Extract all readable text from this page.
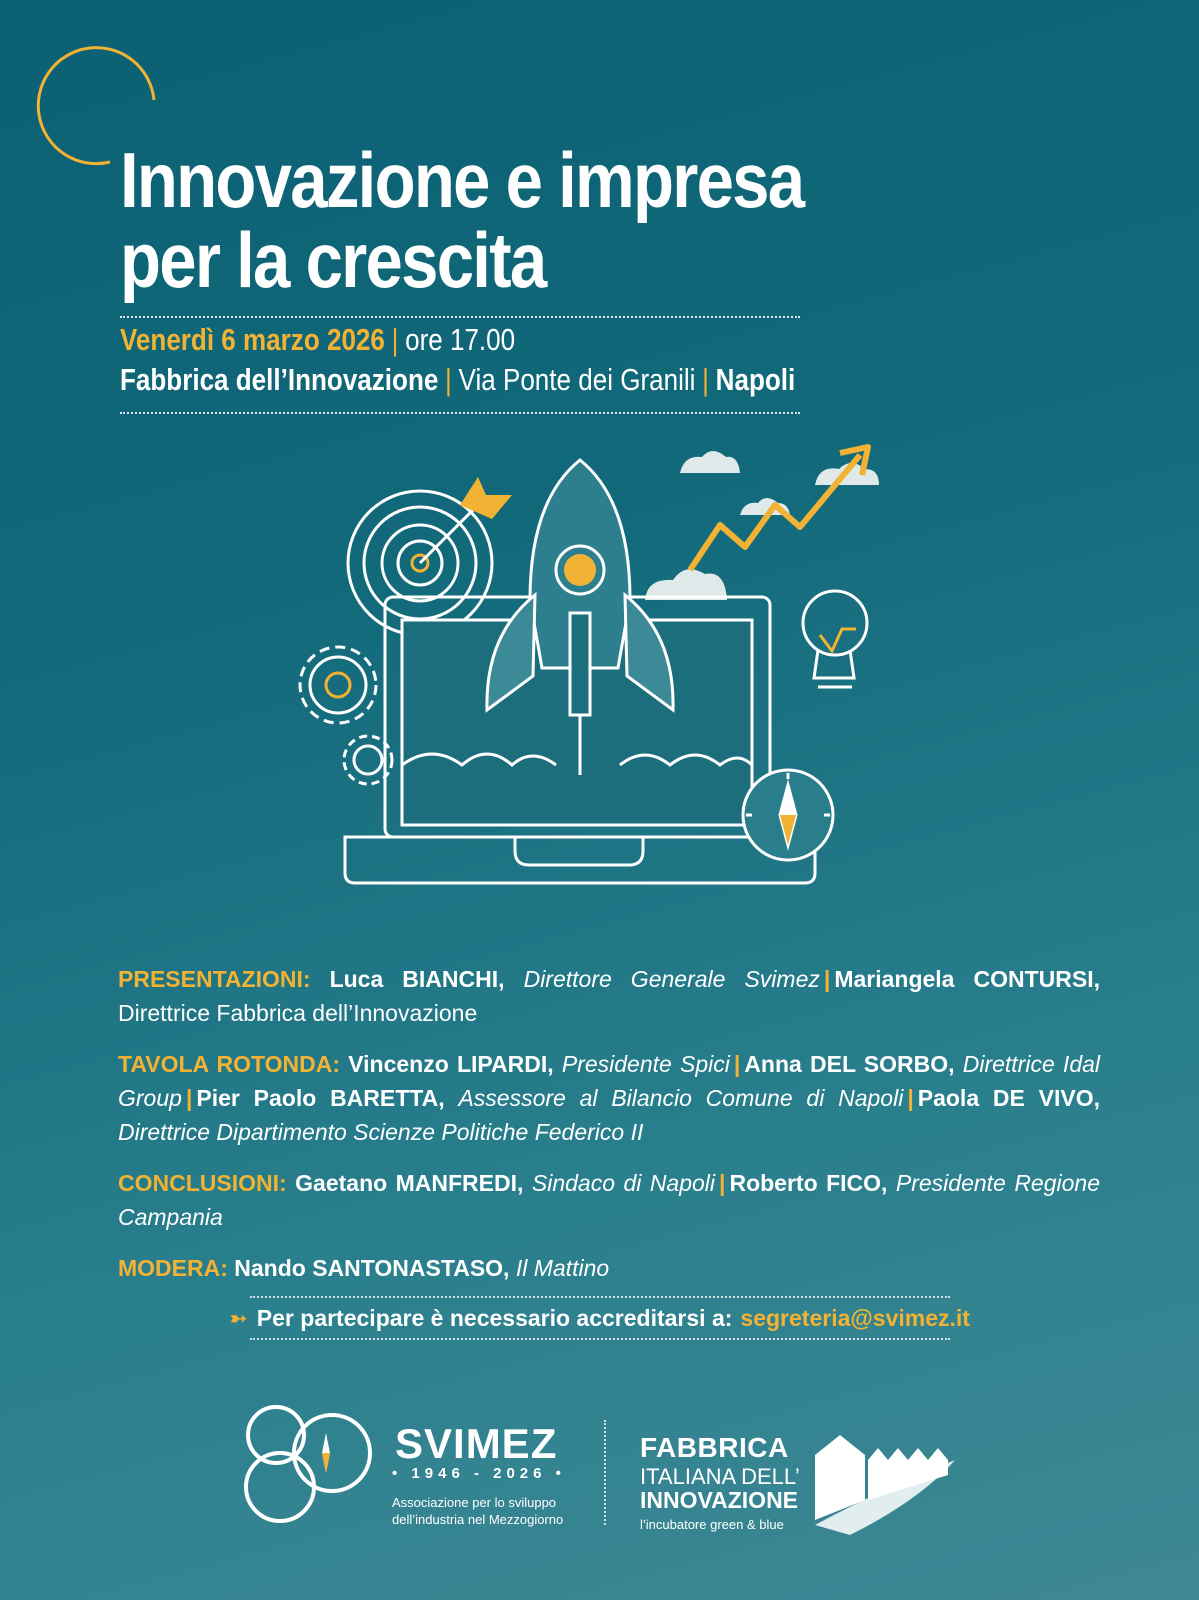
Innovazione e impresa
per la crescita
Venerdì 6 marzo 2026 | ore 17.00
Fabbrica dell’Innovazione | Via Ponte dei Granili | Napoli

PRESENTAZIONI: Luca BIANCHI, Direttore Generale Svimez | Mariangela CONTURSI, Direttrice Fabbrica dell’Innovazione

TAVOLA ROTONDA: Vincenzo LIPARDI, Presidente Spici | Anna DEL SORBO, Direttrice Idal Group | Pier Paolo BARETTA, Assessore al Bilancio Comune di Napoli | Paola DE VIVO, Direttrice Dipartimento Scienze Politiche Federico II

CONCLUSIONI: Gaetano MANFREDI, Sindaco di Napoli | Roberto FICO, Presidente Regione Campania

MODERA: Nando SANTONASTASO, Il Mattino

➳ Per partecipare è necessario accreditarsi a: segreteria@svimez.it
SVIMEZ
• 1946 - 2026 •
Associazione per lo sviluppo
dell’industria nel Mezzogiorno
FABBRICA
ITALIANA DELL’
INNOVAZIONE
l’incubatore green & blue
